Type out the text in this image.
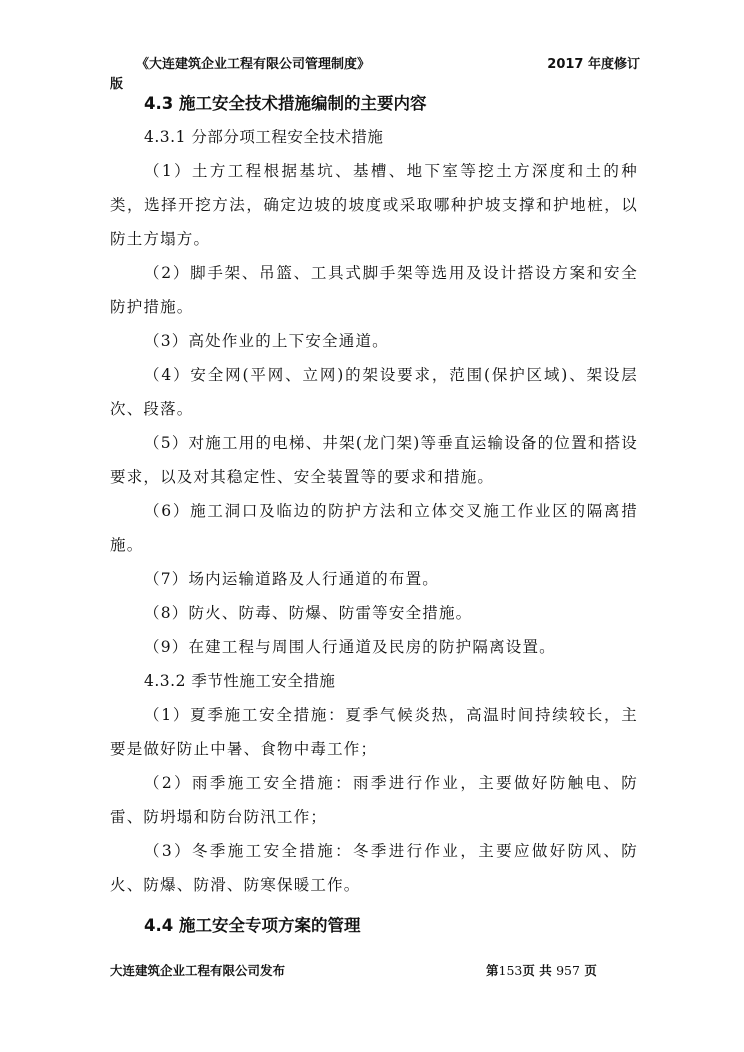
《大连建筑企业工程有限公司管理制度》	2017 年度修订
版
4.3 施工安全技术措施编制的主要内容

4.3.1 分部分项工程安全技术措施

（1）土方工程根据基坑、基槽、地下室等挖土方深度和土的种类，选择开挖方法，确定边坡的坡度或采取哪种护坡支撑和护地桩，以防土方塌方。

（2）脚手架、吊篮、工具式脚手架等选用及设计搭设方案和安全防护措施。

（3）高处作业的上下安全通道。

（4）安全网(平网、立网)的架设要求，范围(保护区域)、架设层次、段落。

（5）对施工用的电梯、井架(龙门架)等垂直运输设备的位置和搭设要求，以及对其稳定性、安全装置等的要求和措施。

（6）施工洞口及临边的防护方法和立体交叉施工作业区的隔离措施。

（7）场内运输道路及人行通道的布置。

（8）防火、防毒、防爆、防雷等安全措施。

（9）在建工程与周围人行通道及民房的防护隔离设置。

4.3.2 季节性施工安全措施

（1）夏季施工安全措施：夏季气候炎热，高温时间持续较长，主要是做好防止中暑、食物中毒工作；

（2）雨季施工安全措施：雨季进行作业，主要做好防触电、防雷、防坍塌和防台防汛工作；

（3）冬季施工安全措施：冬季进行作业，主要应做好防风、防火、防爆、防滑、防寒保暖工作。

4.4 施工安全专项方案的管理
大连建筑企业工程有限公司发布	第153页 共 957 页
